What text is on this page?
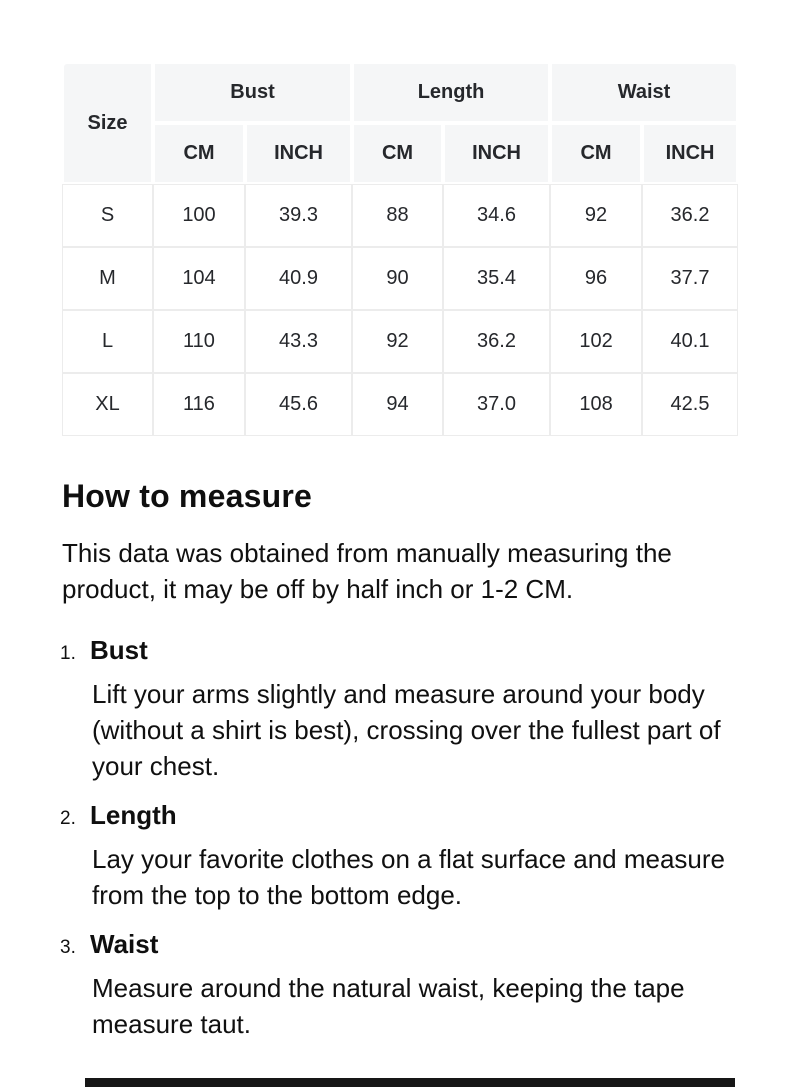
Size	Bust		Length		Waist	
	CM	INCH	CM	INCH	CM	INCH
S	100	39.3	88	34.6	92	36.2
M	104	40.9	90	35.4	96	37.7
L	110	43.3	92	36.2	102	40.1
XL	116	45.6	94	37.0	108	42.5
How to measure

This data was obtained from manually measuring the product, it may be off by half inch or 1-2 CM.

1. Bust
Lift your arms slightly and measure around your body (without a shirt is best), crossing over the fullest part of your chest.
2. Length
Lay your favorite clothes on a flat surface and measure from the top to the bottom edge.
3. Waist
Measure around the natural waist, keeping the tape measure taut.
